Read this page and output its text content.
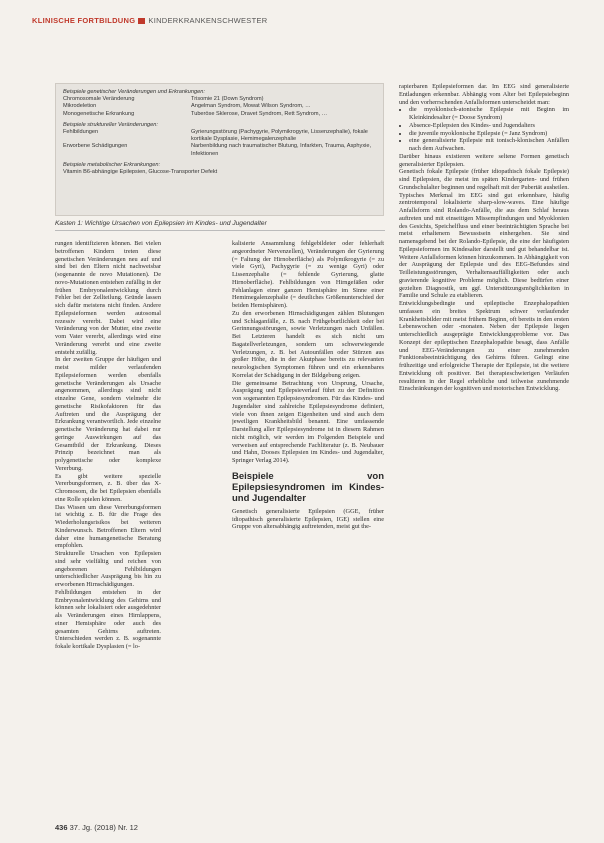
KLINISCHE FORTBILDUNG KINDERKRANKENSCHWESTER
Beispiele genetischer Veränderungen und Erkrankungen:
Chromosomale Veränderung	Trisomie 21 (Down Syndrom)
Mikrodeletion	Angelman Syndrom, Mowat Wilson Syndrom, …
Monogenetische Erkrankung	Tuberöse Sklerose, Dravet Syndrom, Rett Syndrom, …
Beispiele struktureller Veränderungen:
Fehlbildungen	Gyrierungsstörung (Pachygyrie, Polymikrogyrie, Lissenzephalie), fokale kortikale Dysplasie, Hemimegalenzephalie
Erworbene Schädigungen	Narbenbildung nach traumatischer Blutung, Infarkten, Trauma, Asphyxie, Infektionen
Beispiele metabolischer Erkrankungen:
Vitamin B6-abhängige Epilepsien, Glucose-Transporter Defekt
Kasten 1: Wichtige Ursachen von Epilepsien im Kindes- und Jugendalter

rungen identifizieren können. Bei vielen betroffenen Kindern treten diese genetischen Veränderungen neu auf und sind bei den Eltern nicht nachweisbar (sogenannte de novo Mutationen). De novo-Mutationen entstehen zufällig in der frühen Embryonalentwicklung durch Fehler bei der Zellteilung. Gründe lassen sich dafür meistens nicht finden. Andere Epilepsieformen werden autosomal rezessiv vererbt. Dabei wird eine Veränderung von der Mutter, eine zweite vom Vater vererbt, allerdings wird eine Veränderung vererbt und eine zweite entsteht zufällig.

In der zweiten Gruppe der häufigen und meist milder verlaufenden Epilepsieformen werden ebenfalls genetische Veränderungen als Ursache angenommen, allerdings sind nicht einzelne Gene, sondern vielmehr die genetische Risikofaktoren für das Auftreten und die Ausprägung der Erkrankung verantwortlich. Jede einzelne genetische Veränderung hat dabei nur geringe Auswirkungen auf das Gesamtbild der Erkrankung. Dieses Prinzip bezeichnet man als polygenetische oder komplexe Vererbung.

Es gibt weitere spezielle Vererbungsformen, z. B. über das X-Chromosom, die bei Epilepsien ebenfalls eine Rolle spielen können.

Das Wissen um diese Vererbungsformen ist wichtig z. B. für die Frage des Wiederholungsrisikos bei weiteren Kinderwunsch. Betroffenen Eltern wird daher eine humangenetische Beratung empfohlen.

Strukturelle Ursachen von Epilepsien sind sehr vielfältig und reichen von angeborenen Fehlbildungen unterschiedlicher Ausprägung bis hin zu erworbenen Hirnschädigungen.

Fehlbildungen entstehen in der Embryonalentwicklung des Gehirns und können sehr lokalisiert oder ausgedehnter als Veränderungen eines Hirnlappens, einer Hemisphäre oder auch des gesamten Gehirns auftreten. Unterschieden werden z. B. sogenannte fokale kortikale Dysplasien (= lo-

kalisierte Ansammlung fehlgebildeter oder fehlerhaft angeordneter Nervenzellen), Veränderungen der Gyrierung (= Faltung der Hirnoberfläche) als Polymikrogyrie (= zu viele Gyri), Pachygyrie (= zu wenige Gyri) oder Lissenzephalie (= fehlende Gyrierung, glatte Hirnoberfläche). Fehlbildungen von Hirngefäßen oder Fehlanlagen einer ganzen Hemisphäre im Sinne einer Hemimegalenzephalie (= deutliches Größenunterschied der beiden Hemisphären).

Zu den erworbenen Hirnschädigungen zählen Blutungen und Schlaganfälle, z. B. nach Frühgeburtlichkeit oder bei Gerinnungsstörungen, sowie Verletzungen nach Unfällen. Bei Letzteren handelt es sich nicht um Bagatellverletzungen, sondern um schwerwiegende Verletzungen, z. B. bei Autounfällen oder Stürzen aus großer Höhe, die in der Akutphase bereits zu relevanten neurologischen Symptomen führen und ein erkennbares Korrelat der Schädigung in der Bildgebung zeigen.

Die gemeinsame Betrachtung von Ursprung, Ursache, Ausprägung und Epilepsieverlauf führt zu der Definition von sogenannten Epilepsiesyndromen. Für das Kindes- und Jugendalter sind zahlreiche Epilepsiesyndrome definiert, viele von ihnen zeigen Eigenheiten und sind auch dem jeweiligen Krankheitsbild benannt. Eine umfassende Darstellung aller Epilepsiesyndrome ist in diesem Rahmen nicht möglich, wir werden im Folgenden Beispiele und verweisen auf entsprechende Fachliteratur (z. B. Neubauer und Hahn, Dooses Epilepsien im Kindes- und Jugendalter, Springer Verlag 2014).

Beispiele von Epilepsiesyndromen im Kindes- und Jugendalter

Genetisch generalisierte Epilepsien (GGE, früher idiopathisch generalisierte Epilepsien, IGE) stellen eine Gruppe von altersabhängig auftretenden, meist gut the-

rapierbaren Epilepsieformen dar. Im EEG sind generalisierte Entladungen erkennbar. Abhängig vom Alter bei Epilepsiebeginn und den vorherrschenden Anfallsformen unterscheidet man:

• die myoklonisch-atonische Epilepsie mit Beginn im Kleinkindesalter (= Doose Syndrom)
• Absence-Epilepsien des Kindes- und Jugendalters
• die juvenile myoklonische Epilepsie (= Janz Syndrom)
• eine generalisierte Epilepsie mit tonisch-klonischen Anfällen nach dem Aufwachen.

Darüber hinaus existieren weitere seltene Formen genetisch generalisierter Epilepsien.

Genetisch fokale Epilepsie (früher idiopathisch fokale Epilepsie) sind Epilepsien, die meist im späten Kindergarten- und frühen Grundschulalter beginnen und regelhaft mit der Pubertät ausheilen. Typisches Merkmal im EEG sind gut erkennbare, häufig zentrotemporal lokalisierte sharp-slow-waves. Eine häufige Anfallsform sind Rolando-Anfälle, die aus dem Schlaf heraus auftreten und mit einseitigen Missempfindungen und Myoklonien des Gesichts, Speichelfluss und einer beeinträchtigten Sprache bei meist erhaltenem Bewusstsein einhergehen. Sie sind namensgebend bei der Rolando-Epilepsie, die eine der häufigsten Epilepsieformen im Kindesalter darstellt und gut behandelbar ist. Weitere Anfallsformen können hinzukommen. In Abhängigkeit von der Ausprägung der Epilepsie und des EEG-Befundes sind Teilleistungsstörungen, Verhaltensauffälligkeiten oder auch gravierende kognitive Probleme möglich. Diese bedürfen einer gezielten Diagnostik, um ggf. Unterstützungsmöglichkeiten in Familie und Schule zu etablieren.

Entwicklungsbedingte und epileptische Enzephalopathien umfassen ein breites Spektrum schwer verlaufender Krankheitsbilder mit meist frühem Beginn, oft bereits in den ersten Lebenswochen oder -monaten. Neben der Epilepsie liegen unterschiedlich ausgeprägte Entwicklungsprobleme vor. Das Konzept der epileptischen Enzephalopathie besagt, dass Anfälle und EEG-Veränderungen zu einer zunehmenden Funktionsbeeinträchtigung des Gehirns führen. Gelingt eine frühzeitige und erfolgreiche Therapie der Epilepsie, ist die weitere Entwicklung oft positiver. Bei therapieschwierigen Verläufen resultieren in der Regel erhebliche und teilweise zunehmende Einschränkungen der kognitiven und motorischen Entwicklung.

436 37. Jg. (2018) Nr. 12
